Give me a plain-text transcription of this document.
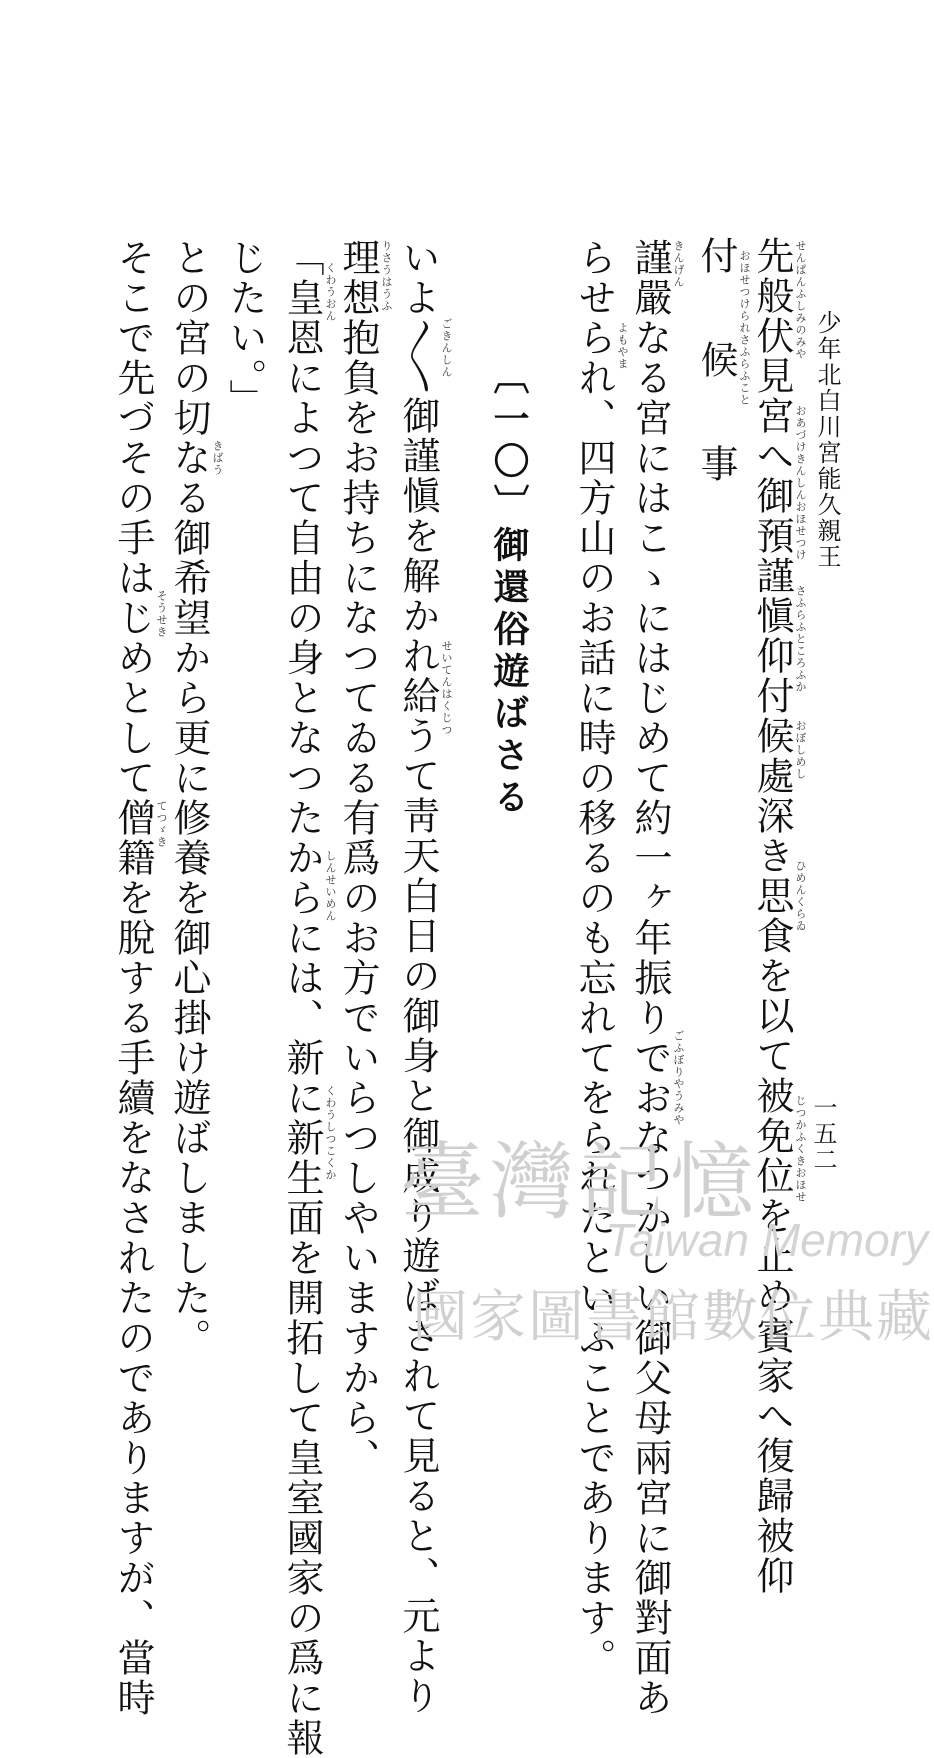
少年北白川宮能久親王
一五二
先般伏見宮へ御預謹愼仰付候處深き思食を以て被免位を止め賓家へ復歸被仰
付　候　事
謹嚴なる宮にはこゝにはじめて約一ヶ年振りでおなつかしい御父母兩宮に御對面あ
らせられ、四方山のお話に時の移るのも忘れてをられたといふことであります。
〔一〇〕御還俗遊ばさる
いよ〳〵御謹愼を解かれ給うて靑天白日の御身と御成り遊ばされて見ると、元より
理想抱負をお持ちになつてゐる有爲のお方でいらつしやいますから、
「皇恩によつて自由の身となつたからには、新に新生面を開拓して皇室國家の爲に報
じたい。」
との宮の切なる御希望から更に修養を御心掛け遊ばしました。
そこで先づその手はじめとして僧籍を脫する手續をなされたのでありますが、當時	せんぱんふしみのみや
おあづけきんしんおほせつけ
さふらふところふか
おぼしめし
ひめんくらゐ
じつかふくきおほせ
おほせつけられさふらふこと
きんげん
ごふぼりやうみや
よもやま
ごきんしん
せいてんはくじつ
りさうはうふ
くわうおん
しんせいめん
くわうしつこくか
きばう
そうせき
てつゞき
臺灣記憶
Taiwan Memory
國家圖書館數位典藏
